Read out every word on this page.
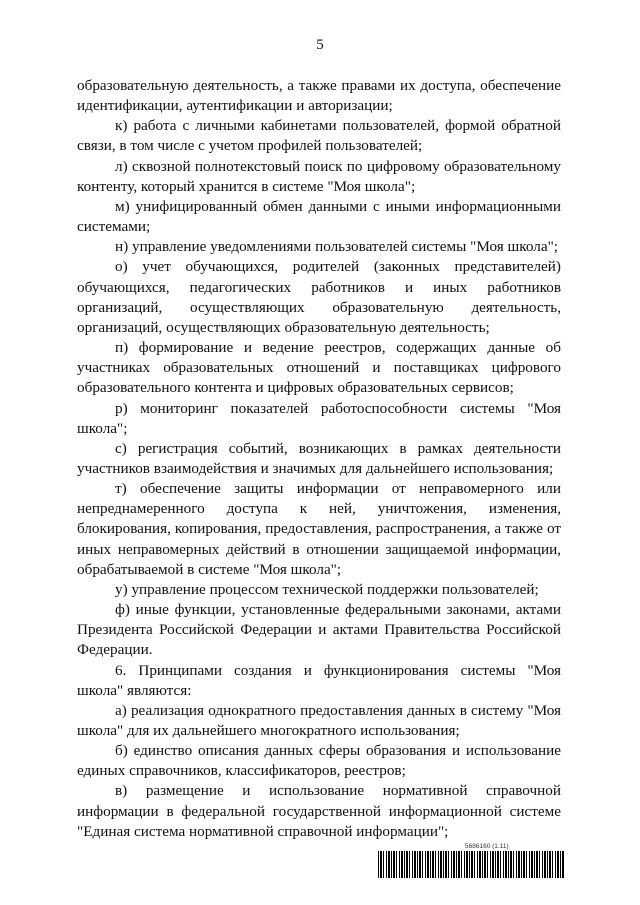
5

образовательную деятельность, а также правами их доступа, обеспечение идентификации, аутентификации и авторизации;

к) работа с личными кабинетами пользователей, формой обратной связи, в том числе с учетом профилей пользователей;

л) сквозной полнотекстовый поиск по цифровому образовательному контенту, который хранится в системе "Моя школа";

м) унифицированный обмен данными с иными информационными системами;

н) управление уведомлениями пользователей системы "Моя школа";

о) учет обучающихся, родителей (законных представителей) обучающихся, педагогических работников и иных работников организаций, осуществляющих образовательную деятельность, организаций, осуществляющих образовательную деятельность;

п) формирование и ведение реестров, содержащих данные об участниках образовательных отношений и поставщиках цифрового образовательного контента и цифровых образовательных сервисов;

р) мониторинг показателей работоспособности системы "Моя школа";

с) регистрация событий, возникающих в рамках деятельности участников взаимодействия и значимых для дальнейшего использования;

т) обеспечение защиты информации от неправомерного или непреднамеренного доступа к ней, уничтожения, изменения, блокирования, копирования, предоставления, распространения, а также от иных неправомерных действий в отношении защищаемой информации, обрабатываемой в системе "Моя школа";

у) управление процессом технической поддержки пользователей;

ф) иные функции, установленные федеральными законами, актами Президента Российской Федерации и актами Правительства Российской Федерации.

6. Принципами создания и функционирования системы "Моя школа" являются:

а) реализация однократного предоставления данных в систему "Моя школа" для их дальнейшего многократного использования;

б) единство описания данных сферы образования и использование единых справочников, классификаторов, реестров;

в) размещение и использование нормативной справочной информации в федеральной государственной информационной системе "Единая система нормативной справочной информации";

5686160 (1.11)
